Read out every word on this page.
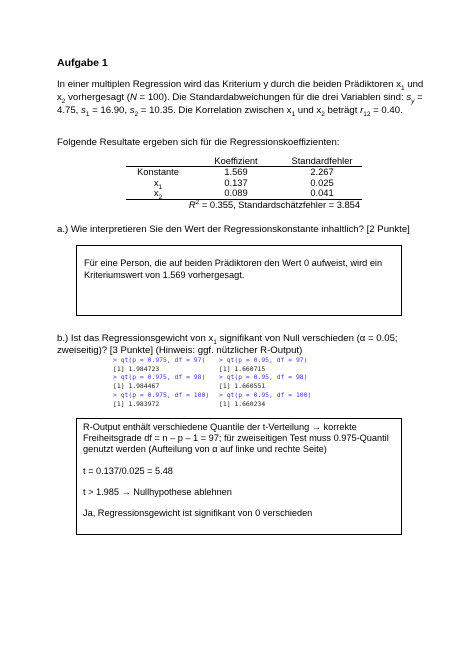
Aufgabe 1
In einer multiplen Regression wird das Kriterium y durch die beiden Prädiktoren $x_1$ und $x_2$ vorhergesagt (N = 100). Die Standardabweichungen für die drei Variablen sind: $s_y = 4.75$, $s_1 = 16.90$, $s_2 = 10.35$. Die Korrelation zwischen $x_1$ und $x_2$ beträgt $r_{12} = 0.40$.
Folgende Resultate ergeben sich für die Regressionskoeffizienten:
	Koeffizient	Standardfehler
Konstante	1.569	2.267
$x_1$	0.137	0.025
$x_2$	0.089	0.041
$R^2 = 0.355$, Standardschätzfehler = 3.854		
a.) Wie interpretieren Sie den Wert der Regressionskonstante inhaltlich? [2 Punkte]
Für eine Person, die auf beiden Prädiktoren den Wert 0 aufweist, wird ein Kriteriumswert von 1.569 vorhergesagt.
b.) Ist das Regressionsgewicht von $x_1$ signifikant von Null verschieden (α = 0.05; zweiseitig)? [3 Punkte] (Hinweis: ggf. nützlicher R-Output)
> qt(p = 0.975, df = 97)
[1] 1.984723
> qt(p = 0.975, df = 98)
[1] 1.984467
> qt(p = 0.975, df = 100)
[1] 1.983972
> qt(p = 0.95, df = 97)
[1] 1.660715
> qt(p = 0.95, df = 98)
[1] 1.660551
> qt(p = 0.95, df = 100)
[1] 1.660234

R-Output enthält verschiedene Quantile der t-Verteilung → korrekte Freiheitsgrade df = n – p – 1 = 97; für zweiseitigen Test muss 0.975-Quantil genutzt werden (Aufteilung von α auf linke und rechte Seite)

t = 0.137/0.025 = 5.48

t > 1.985 → Nullhypothese ablehnen

Ja, Regressionsgewicht ist signifikant von 0 verschieden
